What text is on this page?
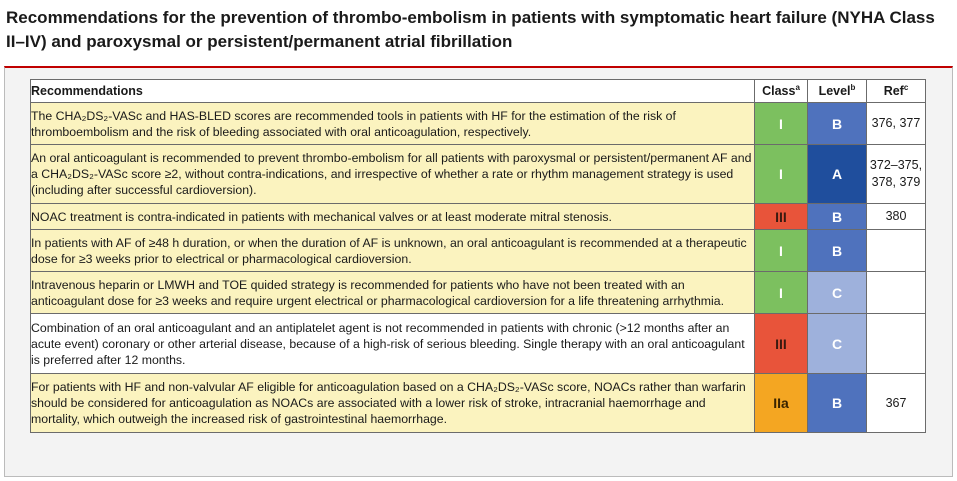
Recommendations for the prevention of thrombo-embolism in patients with symptomatic heart failure (NYHA Class II–IV) and paroxysmal or persistent/permanent atrial fibrillation
Recommendations	Class$^a$	Level$^b$	Ref$^c$
The CHA₂DS₂-VASc and HAS-BLED scores are recommended tools in patients with HF for the estimation of the risk of thromboembolism and the risk of bleeding associated with oral anticoagulation, respectively.	I	B	376, 377
An oral anticoagulant is recommended to prevent thrombo-embolism for all patients with paroxysmal or persistent/permanent AF and a CHA₂DS₂-VASc score ≥2, without contra-indications, and irrespective of whether a rate or rhythm management strategy is used (including after successful cardioversion).	I	A	372–375, 378, 379
NOAC treatment is contra-indicated in patients with mechanical valves or at least moderate mitral stenosis.	III	B	380
In patients with AF of ≥48 h duration, or when the duration of AF is unknown, an oral anticoagulant is recommended at a therapeutic dose for ≥3 weeks prior to electrical or pharmacological cardioversion.	I	B	
Intravenous heparin or LMWH and TOE quided strategy is recommended for patients who have not been treated with an anticoagulant dose for ≥3 weeks and require urgent electrical or pharmacological cardioversion for a life threatening arrhythmia.	I	C	
Combination of an oral anticoagulant and an antiplatelet agent is not recommended in patients with chronic (>12 months after an acute event) coronary or other arterial disease, because of a high-risk of serious bleeding. Single therapy with an oral anticoagulant is preferred after 12 months.	III	C	
For patients with HF and non-valvular AF eligible for anticoagulation based on a CHA₂DS₂-VASc score, NOACs rather than warfarin should be considered for anticoagulation as NOACs are associated with a lower risk of stroke, intracranial haemorrhage and mortality, which outweigh the increased risk of gastrointestinal haemorrhage.	IIa	B	367
